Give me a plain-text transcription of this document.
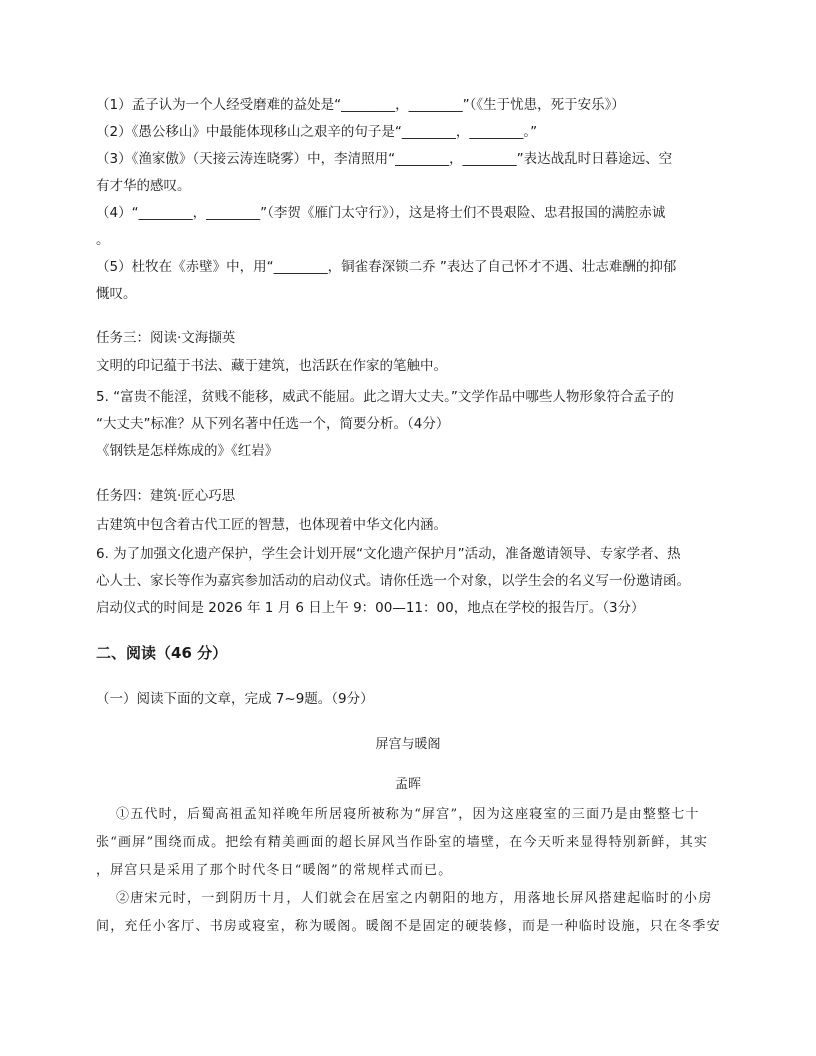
（1）孟子认为一个人经受磨难的益处是“________，________”（《生于忧患，死于安乐》）
（2）《愚公移山》中最能体现移山之艰辛的句子是“________，________。”
（3）《渔家傲》（天接云涛连晓雾）中，李清照用“________，________”表达战乱时日暮途远、空
有才华的感叹。
（4）“________，________”（李贺《雁门太守行》），这是将士们不畏艰险、忠君报国的满腔赤诚
。
（5）杜牧在《赤壁》中，用“________，铜雀春深锁二乔 ”表达了自己怀才不遇、壮志难酬的抑郁
慨叹。
任务三：阅读·文海撷英
文明的印记蕴于书法、藏于建筑，也活跃在作家的笔触中。
5. “富贵不能淫，贫贱不能移，威武不能屈。此之谓大丈夫。”文学作品中哪些人物形象符合孟子的
“大丈夫”标准？从下列名著中任选一个，简要分析。（4分）
《钢铁是怎样炼成的》《红岩》
任务四：建筑·匠心巧思
古建筑中包含着古代工匠的智慧，也体现着中华文化内涵。
6. 为了加强文化遗产保护，学生会计划开展“文化遗产保护月”活动，准备邀请领导、专家学者、热
心人士、家长等作为嘉宾参加活动的启动仪式。请你任选一个对象，以学生会的名义写一份邀请函。
启动仪式的时间是 2026 年 1 月 6 日上午 9：00—11：00，地点在学校的报告厅。（3分）
二、阅读（46 分）
（一）阅读下面的文章，完成 7~9题。（9分）
屏宫与暖阁
孟晖
①五代时，后蜀高祖孟知祥晚年所居寝所被称为“屏宫”，因为这座寝室的三面乃是由整整七十
张“画屏”围绕而成。把绘有精美画面的超长屏风当作卧室的墙壁，在今天听来显得特别新鲜，其实
，屏宫只是采用了那个时代冬日“暖阁”的常规样式而已。
②唐宋元时，一到阴历十月，人们就会在居室之内朝阳的地方，用落地长屏风搭建起临时的小房
间，充任小客厅、书房或寝室，称为暖阁。暖阁不是固定的硬装修，而是一种临时设施，只在冬季安
